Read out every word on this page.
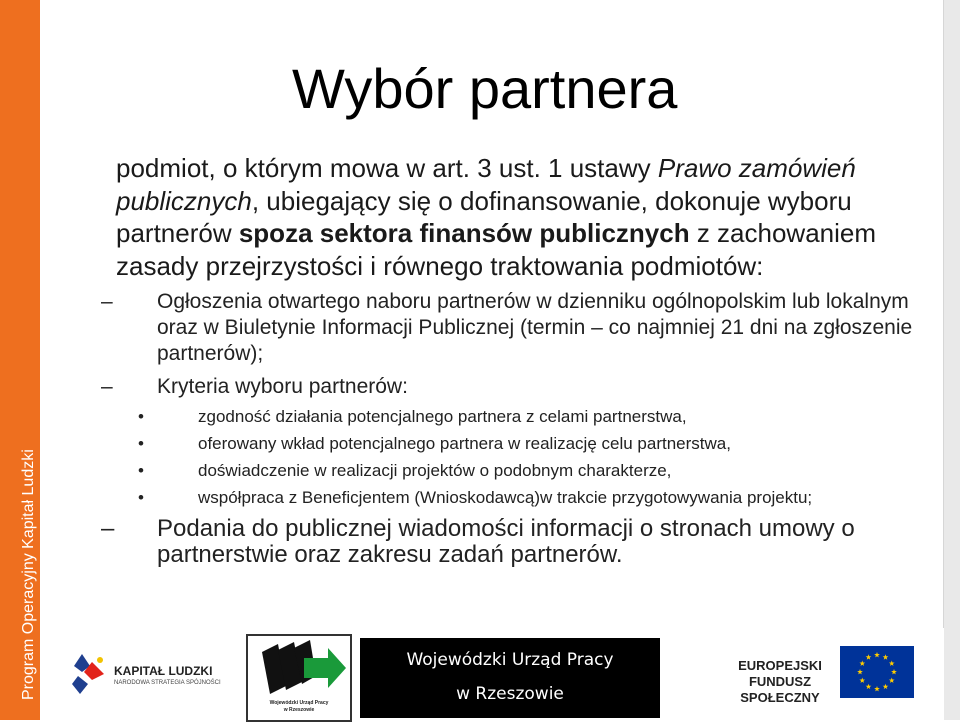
Program Operacyjny Kapitał Ludzki
Wybór partnera

podmiot, o którym mowa w art. 3 ust. 1 ustawy Prawo zamówień publicznych, ubiegający się o dofinansowanie, dokonuje wyboru partnerów spoza sektora finansów publicznych z zachowaniem zasady przejrzystości i równego traktowania podmiotów:

– Ogłoszenia otwartego naboru partnerów w dzienniku ogólnopolskim lub lokalnym oraz w Biuletynie Informacji Publicznej (termin – co najmniej 21 dni na zgłoszenie partnerów);
– Kryteria wyboru partnerów:
•	zgodność działania potencjalnego partnera z celami partnerstwa,
•	oferowany wkład potencjalnego partnera w realizację celu partnerstwa,
•	doświadczenie w realizacji projektów o podobnym charakterze,
•	współpraca z Beneficjentem (Wnioskodawcą)w trakcie przygotowywania projektu;
– Podania do publicznej wiadomości informacji o stronach umowy o partnerstwie oraz zakresu zadań partnerów.
KAPITAŁ LUDZKI
NARODOWA STRATEGIA SPÓJNOŚCI
Wojewódzki Urząd Pracy
w Rzeszowie
Wojewódzki Urząd Pracy
w Rzeszowie
EUROPEJSKI
FUNDUSZ SPOŁECZNY
